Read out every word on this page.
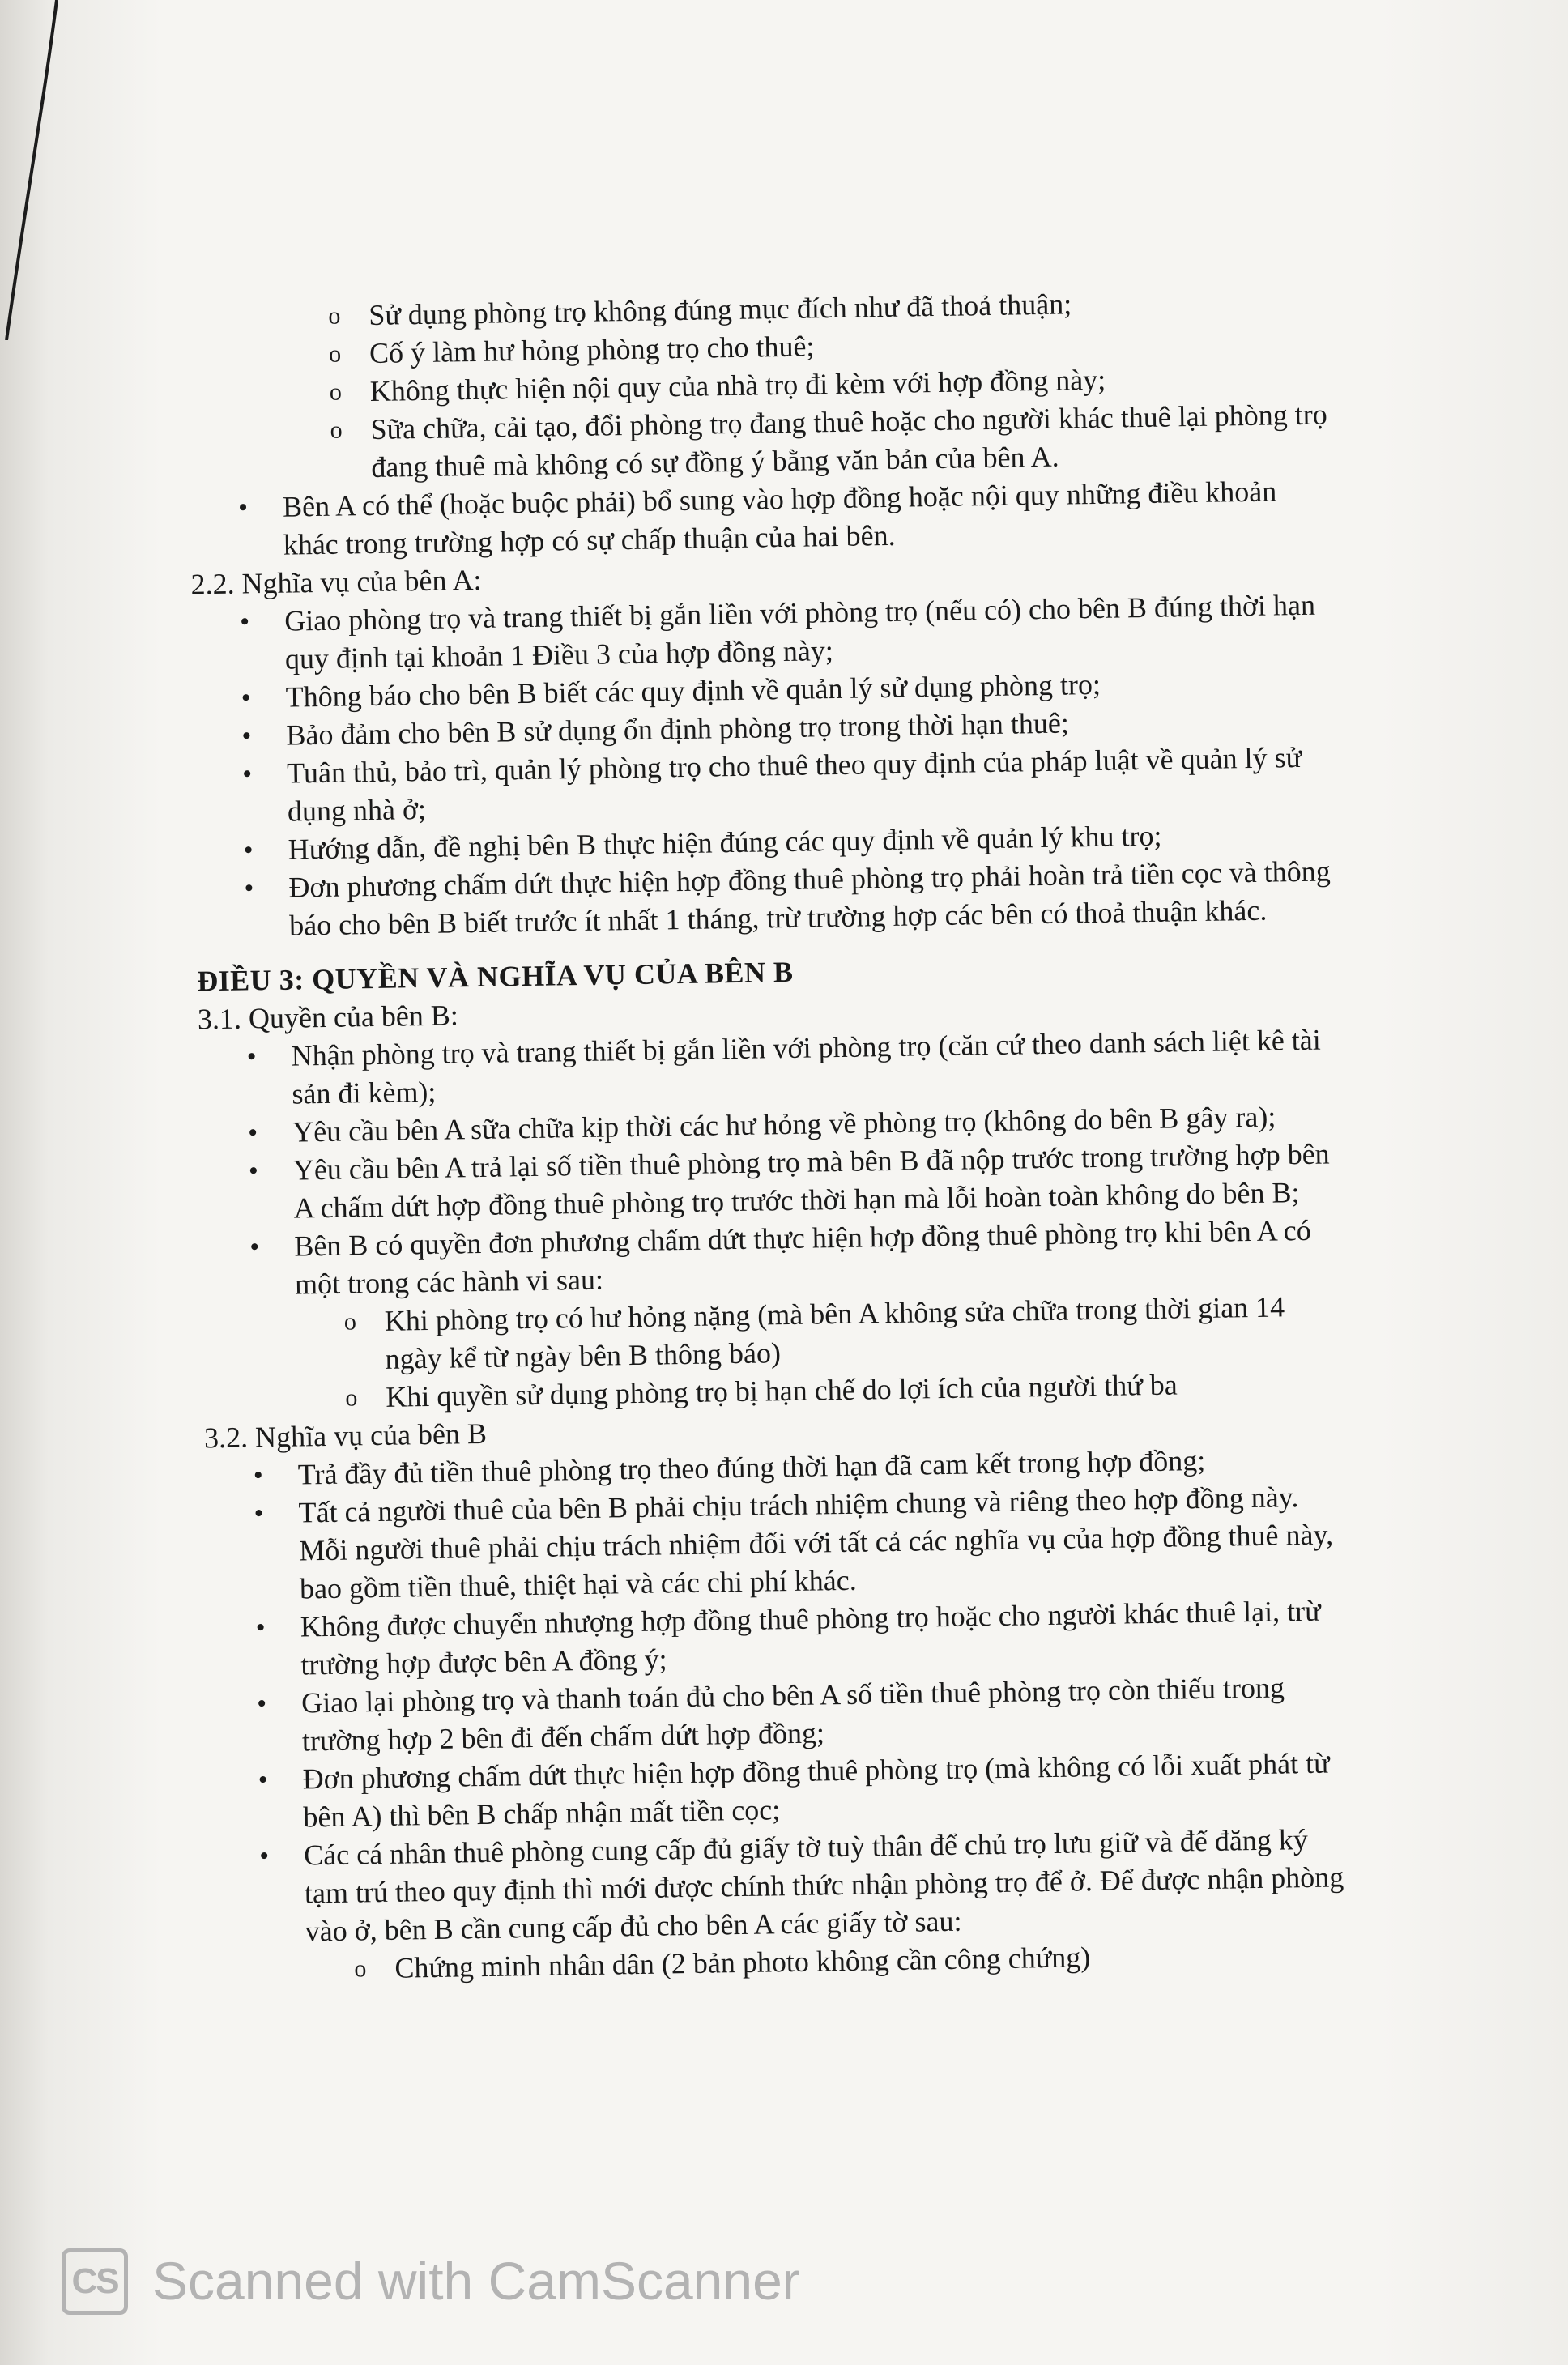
o Sử dụng phòng trọ không đúng mục đích như đã thoả thuận;
o Cố ý làm hư hỏng phòng trọ cho thuê;
o Không thực hiện nội quy của nhà trọ đi kèm với hợp đồng này;
o Sữa chữa, cải tạo, đổi phòng trọ đang thuê hoặc cho người khác thuê lại phòng trọ
đang thuê mà không có sự đồng ý bằng văn bản của bên A.
• Bên A có thể (hoặc buộc phải) bổ sung vào hợp đồng hoặc nội quy những điều khoản
khác trong trường hợp có sự chấp thuận của hai bên.
2.2. Nghĩa vụ của bên A:
• Giao phòng trọ và trang thiết bị gắn liền với phòng trọ (nếu có) cho bên B đúng thời hạn
quy định tại khoản 1 Điều 3 của hợp đồng này;
• Thông báo cho bên B biết các quy định về quản lý sử dụng phòng trọ;
• Bảo đảm cho bên B sử dụng ổn định phòng trọ trong thời hạn thuê;
• Tuân thủ, bảo trì, quản lý phòng trọ cho thuê theo quy định của pháp luật về quản lý sử
dụng nhà ở;
• Hướng dẫn, đề nghị bên B thực hiện đúng các quy định về quản lý khu trọ;
• Đơn phương chấm dứt thực hiện hợp đồng thuê phòng trọ phải hoàn trả tiền cọc và thông
báo cho bên B biết trước ít nhất 1 tháng, trừ trường hợp các bên có thoả thuận khác.
ĐIỀU 3: QUYỀN VÀ NGHĨA VỤ CỦA BÊN B
3.1. Quyền của bên B:
• Nhận phòng trọ và trang thiết bị gắn liền với phòng trọ (căn cứ theo danh sách liệt kê tài
sản đi kèm);
• Yêu cầu bên A sữa chữa kịp thời các hư hỏng về phòng trọ (không do bên B gây ra);
• Yêu cầu bên A trả lại số tiền thuê phòng trọ mà bên B đã nộp trước trong trường hợp bên
A chấm dứt hợp đồng thuê phòng trọ trước thời hạn mà lỗi hoàn toàn không do bên B;
• Bên B có quyền đơn phương chấm dứt thực hiện hợp đồng thuê phòng trọ khi bên A có
một trong các hành vi sau:
o Khi phòng trọ có hư hỏng nặng (mà bên A không sửa chữa trong thời gian 14
ngày kể từ ngày bên B thông báo)
o Khi quyền sử dụng phòng trọ bị hạn chế do lợi ích của người thứ ba
3.2. Nghĩa vụ của bên B
• Trả đầy đủ tiền thuê phòng trọ theo đúng thời hạn đã cam kết trong hợp đồng;
• Tất cả người thuê của bên B phải chịu trách nhiệm chung và riêng theo hợp đồng này.
Mỗi người thuê phải chịu trách nhiệm đối với tất cả các nghĩa vụ của hợp đồng thuê này,
bao gồm tiền thuê, thiệt hại và các chi phí khác.
• Không được chuyển nhượng hợp đồng thuê phòng trọ hoặc cho người khác thuê lại, trừ
trường hợp được bên A đồng ý;
• Giao lại phòng trọ và thanh toán đủ cho bên A số tiền thuê phòng trọ còn thiếu trong
trường hợp 2 bên đi đến chấm dứt hợp đồng;
• Đơn phương chấm dứt thực hiện hợp đồng thuê phòng trọ (mà không có lỗi xuất phát từ
bên A) thì bên B chấp nhận mất tiền cọc;
• Các cá nhân thuê phòng cung cấp đủ giấy tờ tuỳ thân để chủ trọ lưu giữ và để đăng ký
tạm trú theo quy định thì mới được chính thức nhận phòng trọ để ở. Để được nhận phòng
vào ở, bên B cần cung cấp đủ cho bên A các giấy tờ sau:
o Chứng minh nhân dân (2 bản photo không cần công chứng)
CS Scanned with CamScanner
